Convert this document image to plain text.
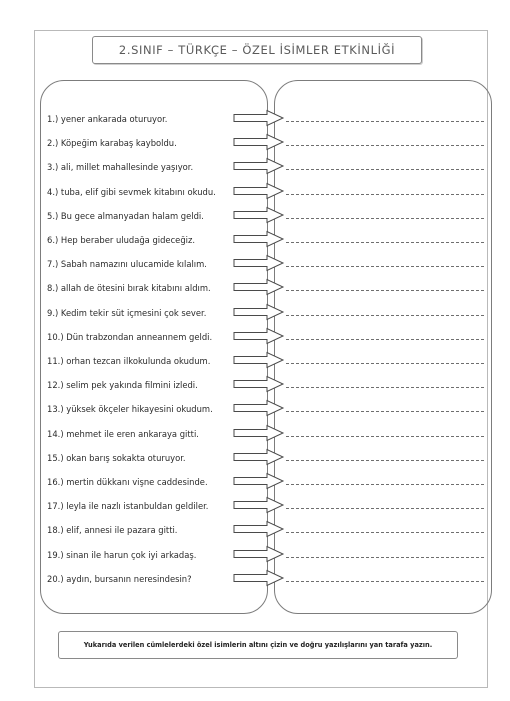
2.SINIF – TÜRKÇE – ÖZEL İSİMLER ETKİNLİĞİ
1.) yener ankarada oturuyor.
2.) Köpeğim karabaş kayboldu.
3.) ali, millet mahallesinde yaşıyor.
4.) tuba, elif gibi sevmek kitabını okudu.
5.) Bu gece almanyadan halam geldi.
6.) Hep beraber uludağa gideceğiz.
7.) Sabah namazını ulucamide kılalım.
8.) allah de ötesini bırak kitabını aldım.
9.) Kedim tekir süt içmesini çok sever.
10.) Dün trabzondan anneannem geldi.
11.) orhan tezcan ilkokulunda okudum.
12.) selim pek yakında filmini izledi.
13.) yüksek ökçeler hikayesini okudum.
14.) mehmet ile eren ankaraya gitti.
15.) okan barış sokakta oturuyor.
16.) mertin dükkanı vişne caddesinde.
17.) leyla ile nazlı istanbuldan geldiler.
18.) elif, annesi ile pazara gitti.
19.) sinan ile harun çok iyi arkadaş.
20.) aydın, bursanın neresindesin?
Yukarıda verilen cümlelerdeki özel isimlerin altını çizin ve doğru yazılışlarını yan tarafa yazın.
